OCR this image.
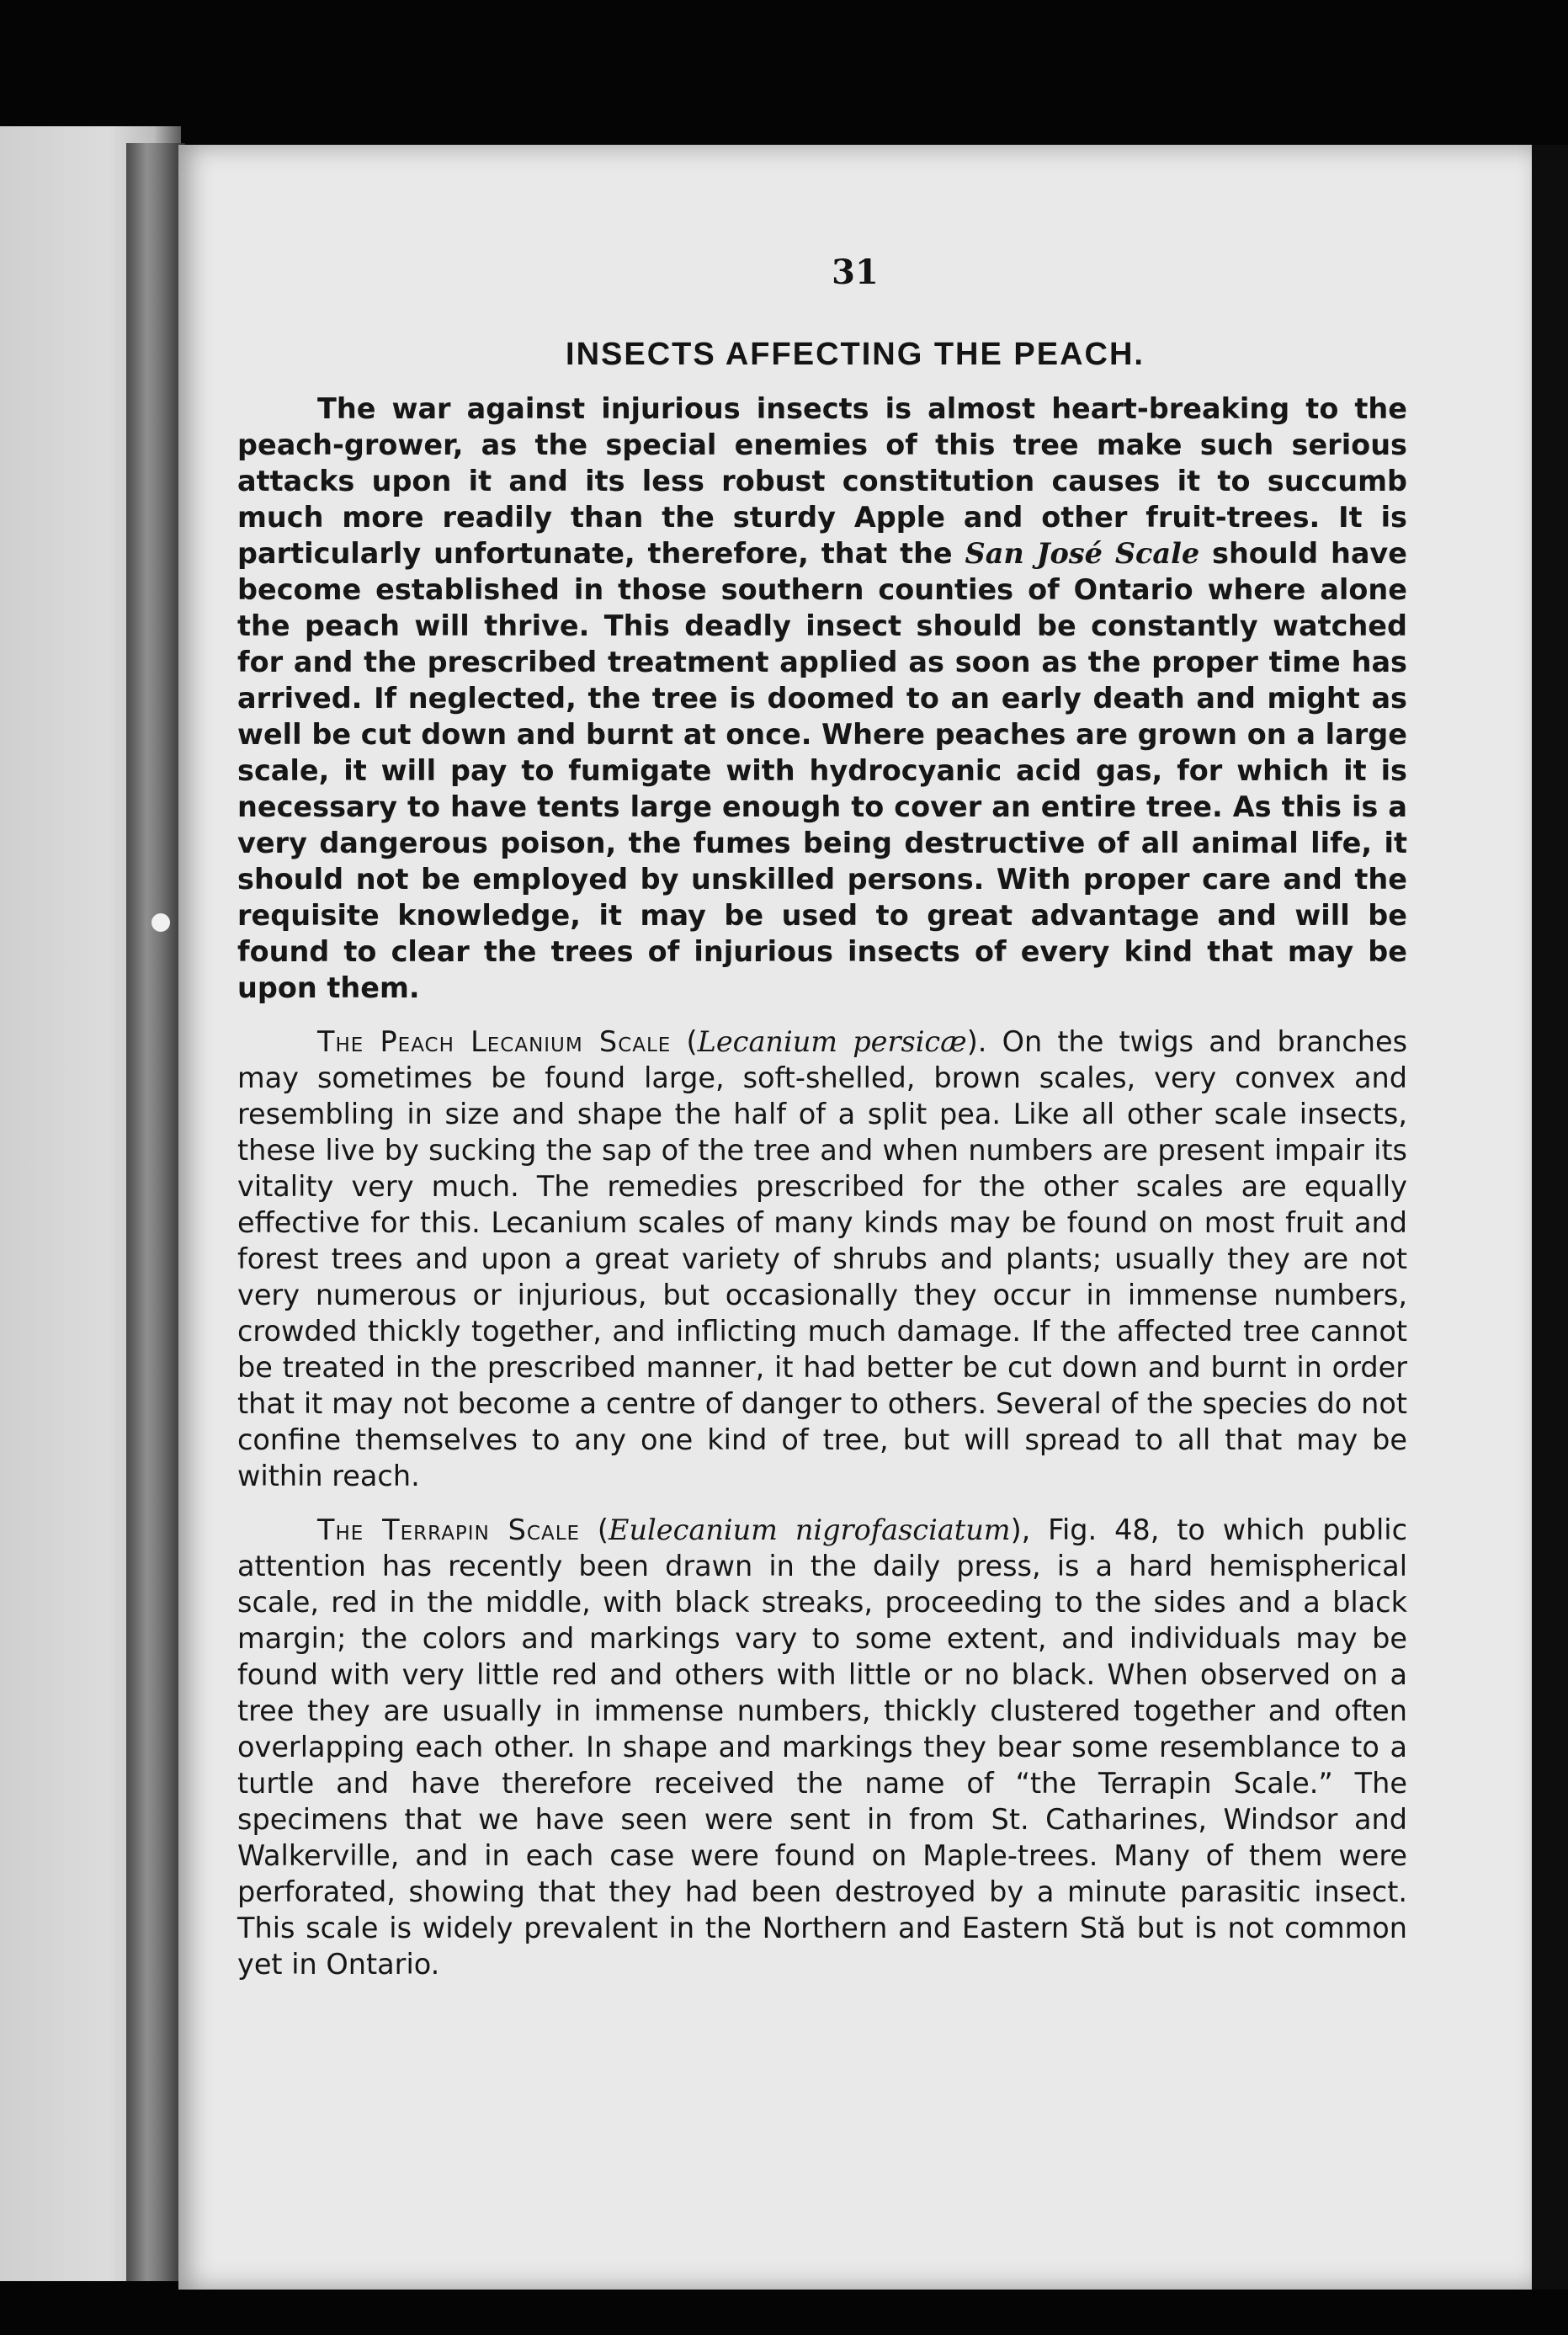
31
INSECTS AFFECTING THE PEACH.

The war against injurious insects is almost heart-breaking to the peach-grower, as the special enemies of this tree make such serious attacks upon it and its less robust constitution causes it to succumb much more readily than the sturdy Apple and other fruit-trees. It is particularly unfortunate, therefore, that the San José Scale should have become established in those southern counties of Ontario where alone the peach will thrive. This deadly insect should be constantly watched for and the prescribed treatment applied as soon as the proper time has arrived. If neglected, the tree is doomed to an early death and might as well be cut down and burnt at once. Where peaches are grown on a large scale, it will pay to fumigate with hydrocyanic acid gas, for which it is necessary to have tents large enough to cover an entire tree. As this is a very dangerous poison, the fumes being destructive of all animal life, it should not be employed by unskilled persons. With proper care and the requisite knowledge, it may be used to great advantage and will be found to clear the trees of injurious insects of every kind that may be upon them.

The Peach Lecanium Scale (Lecanium persicæ). On the twigs and branches may sometimes be found large, soft-shelled, brown scales, very convex and resembling in size and shape the half of a split pea. Like all other scale insects, these live by sucking the sap of the tree and when numbers are present impair its vitality very much. The remedies prescribed for the other scales are equally effective for this. Lecanium scales of many kinds may be found on most fruit and forest trees and upon a great variety of shrubs and plants; usually they are not very numerous or injurious, but occasionally they occur in immense numbers, crowded thickly together, and inflicting much damage. If the affected tree cannot be treated in the prescribed manner, it had better be cut down and burnt in order that it may not become a centre of danger to others. Several of the species do not confine themselves to any one kind of tree, but will spread to all that may be within reach.

The Terrapin Scale (Eulecanium nigrofasciatum), Fig. 48, to which public attention has recently been drawn in the daily press, is a hard hemispherical scale, red in the middle, with black streaks, proceeding to the sides and a black margin; the colors and markings vary to some extent, and individuals may be found with very little red and others with little or no black. When observed on a tree they are usually in immense numbers, thickly clustered together and often overlapping each other. In shape and markings they bear some resemblance to a turtle and have therefore received the name of “the Terrapin Scale.” The specimens that we have seen were sent in from St. Catharines, Windsor and Walkerville, and in each case were found on Maple-trees. Many of them were perforated, showing that they had been destroyed by a minute parasitic insect. This scale is widely prevalent in the Northern and Eastern Stă but is not common yet in Ontario.
